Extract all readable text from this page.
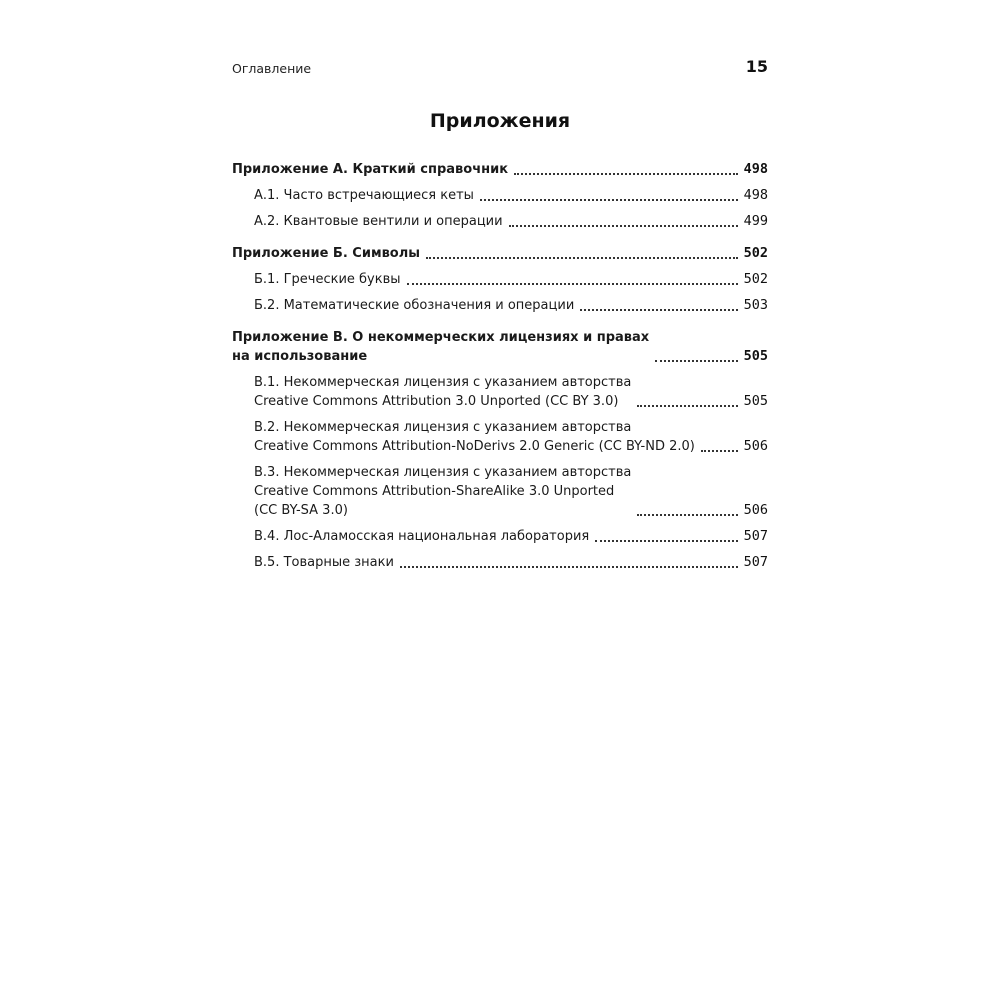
Оглавление	15
Приложения
Приложение А. Краткий справочник	498
А.1. Часто встречающиеся кеты	498
А.2. Квантовые вентили и операции	499
Приложение Б. Символы	502
Б.1. Греческие буквы	502
Б.2. Математические обозначения и операции	503
Приложение В. О некоммерческих лицензиях и правах
на использование	505
В.1. Некоммерческая лицензия с указанием авторства
Creative Commons Attribution 3.0 Unported (CC BY 3.0)	505
В.2. Некоммерческая лицензия с указанием авторства
Creative Commons Attribution-NoDerivs 2.0 Generic (CC BY-ND 2.0)	506
В.3. Некоммерческая лицензия с указанием авторства
Creative Commons Attribution-ShareAlike 3.0 Unported
(CC BY-SA 3.0)	506
В.4. Лос-Аламосская национальная лаборатория	507
В.5. Товарные знаки	507
